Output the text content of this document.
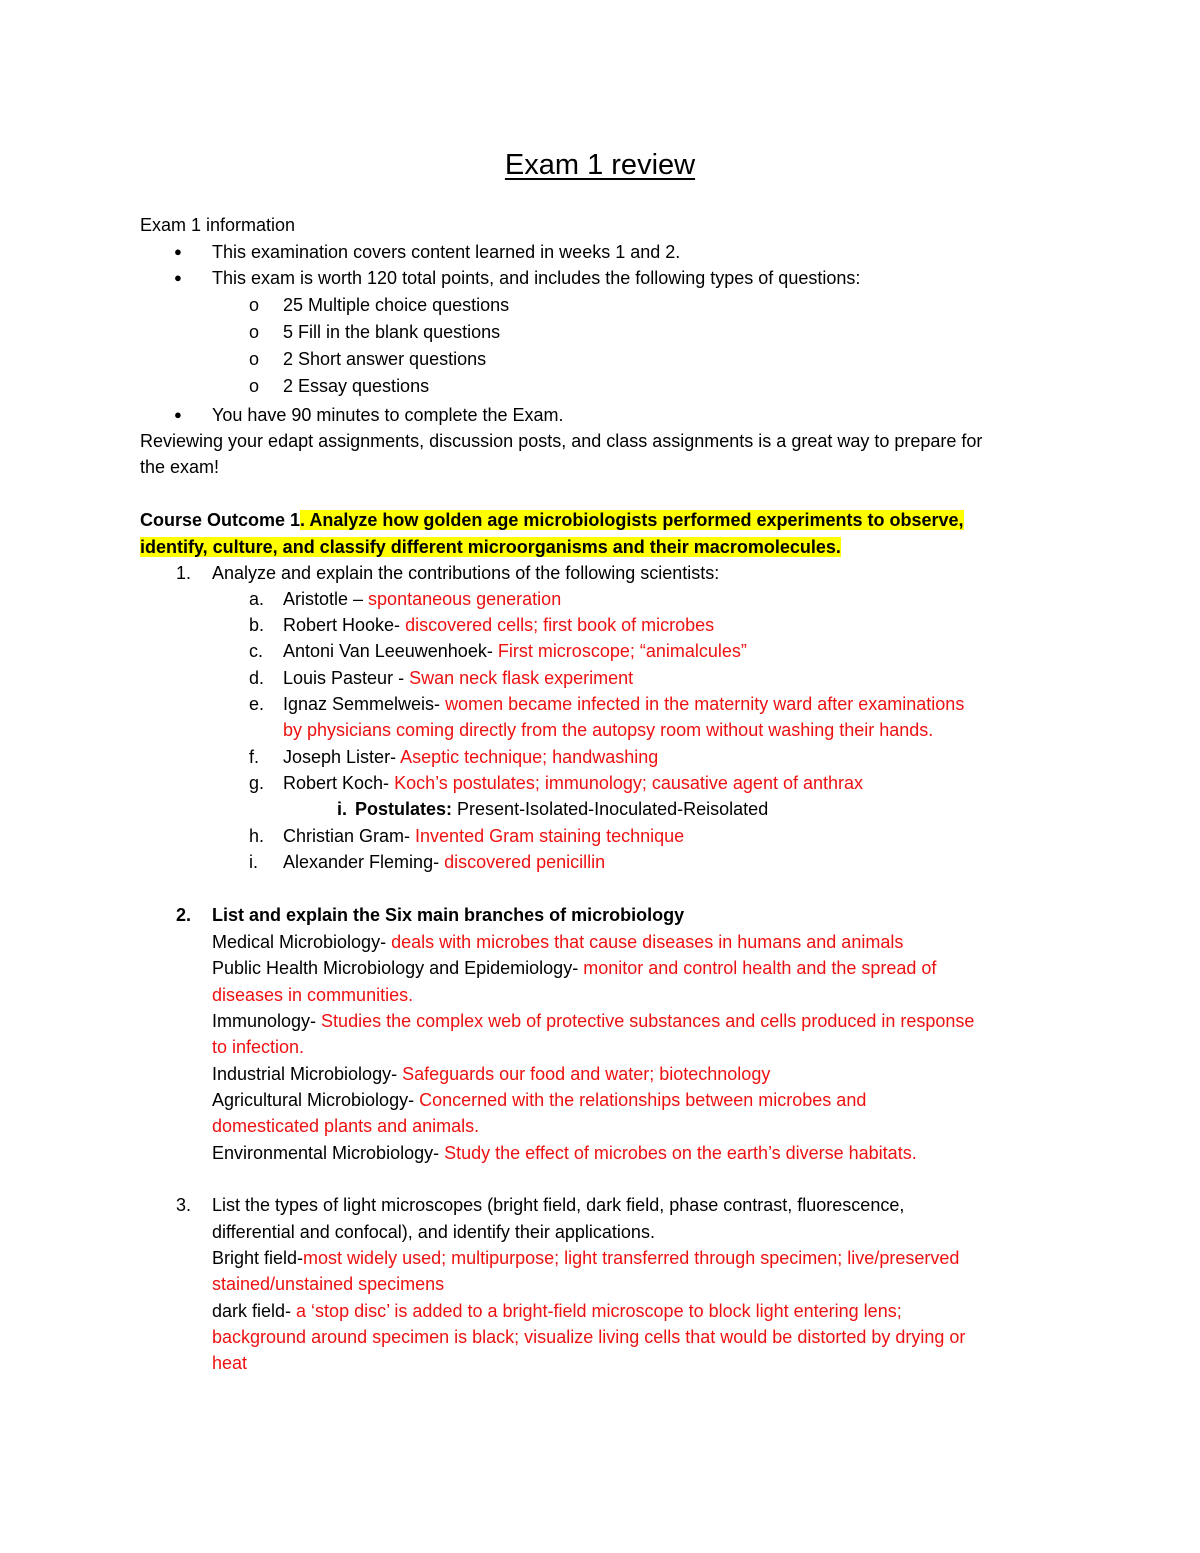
Exam 1 review
Exam 1 information
● This examination covers content learned in weeks 1 and 2.
● This exam is worth 120 total points, and includes the following types of questions:
o 25 Multiple choice questions
o 5 Fill in the blank questions
o 2 Short answer questions
o 2 Essay questions
● You have 90 minutes to complete the Exam.
Reviewing your edapt assignments, discussion posts, and class assignments is a great way to prepare for
the exam!
Course Outcome 1. Analyze how golden age microbiologists performed experiments to observe,
identify, culture, and classify different microorganisms and their macromolecules.
1. Analyze and explain the contributions of the following scientists:
a. Aristotle – spontaneous generation
b. Robert Hooke- discovered cells; first book of microbes
c. Antoni Van Leeuwenhoek- First microscope; “animalcules”
d. Louis Pasteur - Swan neck flask experiment
e. Ignaz Semmelweis- women became infected in the maternity ward after examinations
by physicians coming directly from the autopsy room without washing their hands.
f. Joseph Lister- Aseptic technique; handwashing
g. Robert Koch- Koch’s postulates; immunology; causative agent of anthrax
i. Postulates: Present-Isolated-Inoculated-Reisolated
h. Christian Gram- Invented Gram staining technique
i. Alexander Fleming- discovered penicillin
2. List and explain the Six main branches of microbiology
Medical Microbiology- deals with microbes that cause diseases in humans and animals
Public Health Microbiology and Epidemiology- monitor and control health and the spread of
diseases in communities.
Immunology- Studies the complex web of protective substances and cells produced in response
to infection.
Industrial Microbiology- Safeguards our food and water; biotechnology
Agricultural Microbiology- Concerned with the relationships between microbes and
domesticated plants and animals.
Environmental Microbiology- Study the effect of microbes on the earth’s diverse habitats.
3. List the types of light microscopes (bright field, dark field, phase contrast, fluorescence,
differential and confocal), and identify their applications.
Bright field-most widely used; multipurpose; light transferred through specimen; live/preserved
stained/unstained specimens
dark field- a ‘stop disc’ is added to a bright-field microscope to block light entering lens;
background around specimen is black; visualize living cells that would be distorted by drying or
heat
